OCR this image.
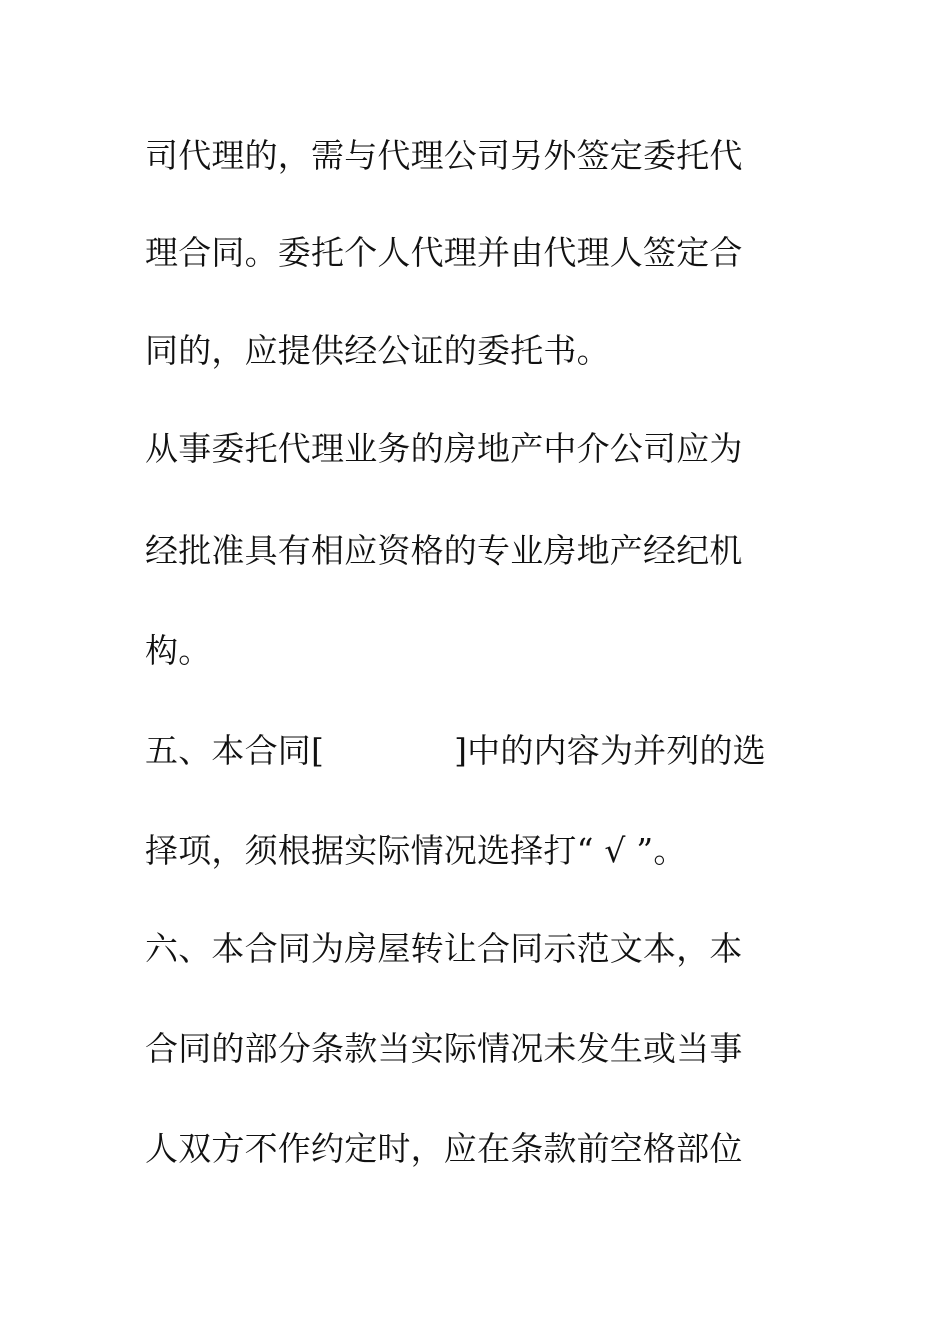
司代理的，需与代理公司另外签定委托代
理合同。委托个人代理并由代理人签定合
同的，应提供经公证的委托书。
从事委托代理业务的房地产中介公司应为
经批准具有相应资格的专业房地产经纪机
构。
五、本合同[	]中的内容为并列的选
择项，须根据实际情况选择打“ √ ”。
六、本合同为房屋转让合同示范文本，本
合同的部分条款当实际情况未发生或当事
人双方不作约定时，应在条款前空格部位
